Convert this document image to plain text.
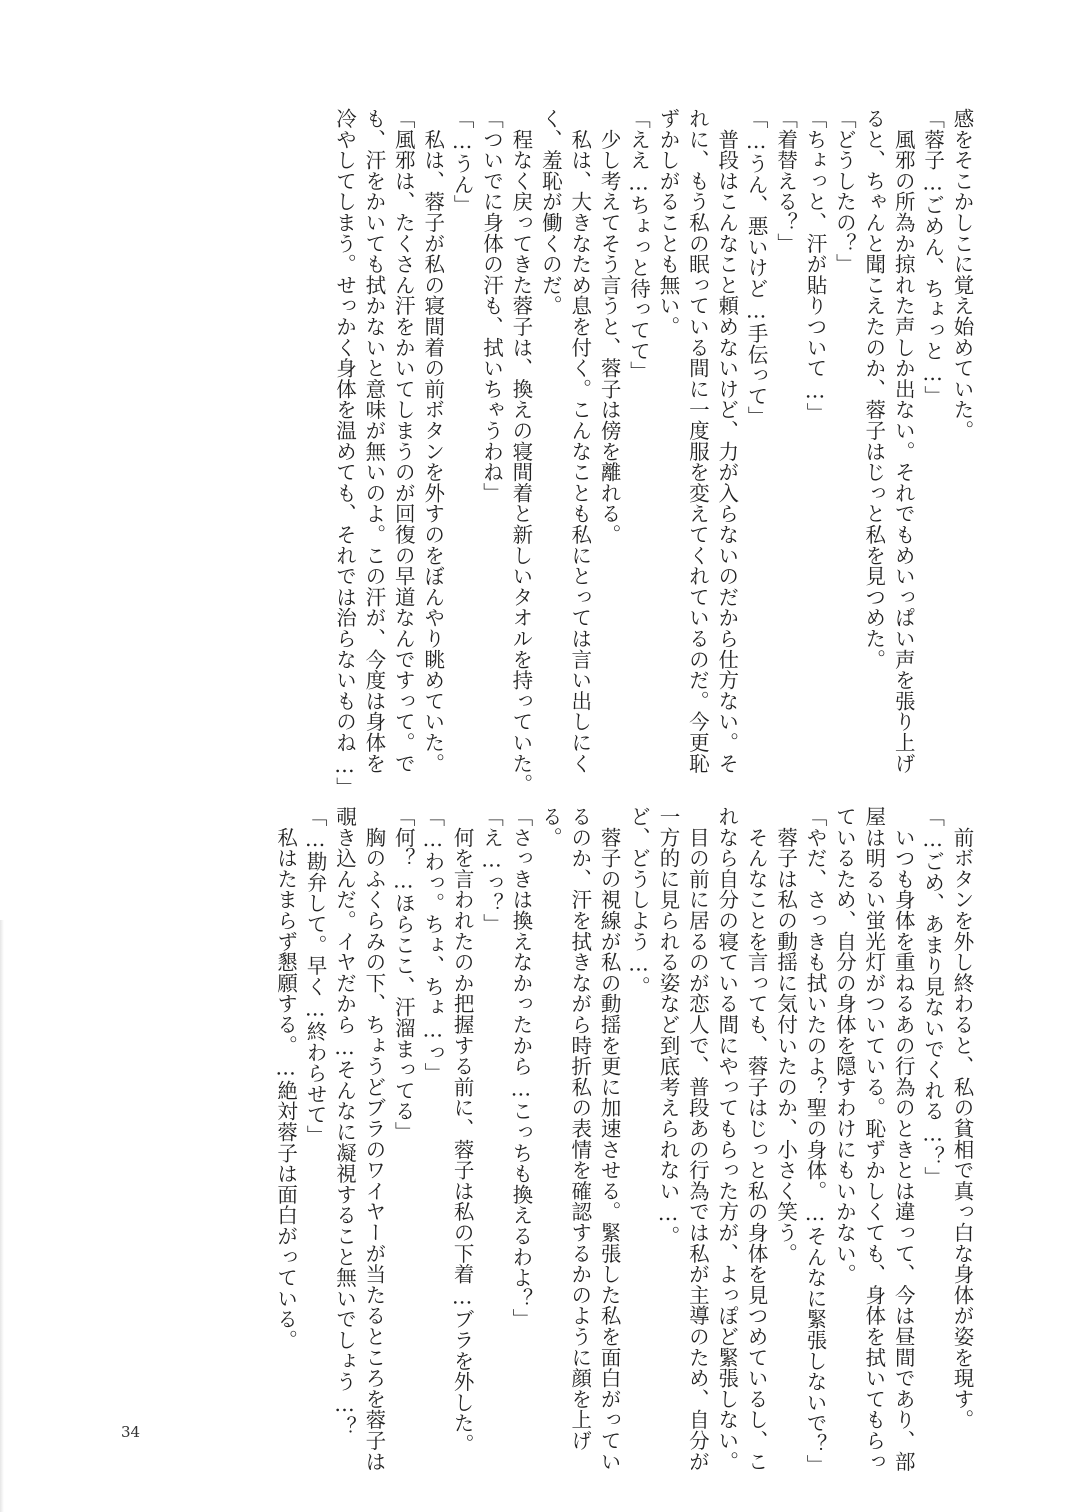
感をそこかしこに覚え始めていた。

「蓉子…ごめん、ちょっと…」

　風邪の所為か掠れた声しか出ない。それでもめいっぱい声を張り上げ

ると、ちゃんと聞こえたのか、蓉子はじっと私を見つめた。

「どうしたの？」

「ちょっと、汗が貼りついて…」

「着替える？」

「…うん、悪いけど…手伝って」

　普段はこんなこと頼めないけど、力が入らないのだから仕方ない。そ

れに、もう私の眠っている間に一度服を変えてくれているのだ。今更恥

ずかしがることも無い。

「ええ…ちょっと待ってて」

　少し考えてそう言うと、蓉子は傍を離れる。

　私は、大きなため息を付く。こんなことも私にとっては言い出しにく

く、羞恥が働くのだ。

　程なく戻ってきた蓉子は、換えの寝間着と新しいタオルを持っていた。

「ついでに身体の汗も、拭いちゃうわね」

「…うん」

　私は、蓉子が私の寝間着の前ボタンを外すのをぼんやり眺めていた。

「風邪は、たくさん汗をかいてしまうのが回復の早道なんですって。で

も、汗をかいても拭かないと意味が無いのよ。この汗が、今度は身体を

冷やしてしまう。せっかく身体を温めても、それでは治らないものね…」

　前ボタンを外し終わると、私の貧相で真っ白な身体が姿を現す。

「…ごめ、あまり見ないでくれる…？」

　いつも身体を重ねるあの行為のときとは違って、今は昼間であり、部

屋は明るい蛍光灯がついている。恥ずかしくても、身体を拭いてもらっ

ているため、自分の身体を隠すわけにもいかない。

「やだ、さっきも拭いたのよ？聖の身体。…そんなに緊張しないで？」

　蓉子は私の動揺に気付いたのか、小さく笑う。

　そんなことを言っても、蓉子はじっと私の身体を見つめているし、こ

れなら自分の寝ている間にやってもらった方が、よっぽど緊張しない。

　目の前に居るのが恋人で、普段あの行為では私が主導のため、自分が

一方的に見られる姿など到底考えられない…。

ど、どうしよう…。

　蓉子の視線が私の動揺を更に加速させる。緊張した私を面白がってい

るのか、汗を拭きながら時折私の表情を確認するかのように顔を上げ

る。

「さっきは換えなかったから…こっちも換えるわよ？」

「え…っ？」

　何を言われたのか把握する前に、蓉子は私の下着…ブラを外した。

「…わっ。ちょ、ちょ…っ」

「何？…ほらここ、汗溜まってる」

　胸のふくらみの下、ちょうどブラのワイヤーが当たるところを蓉子は

覗き込んだ。イヤだから…そんなに凝視すること無いでしょう…？

「…勘弁して。早く…終わらせて」

　私はたまらず懇願する。…絶対蓉子は面白がっている。

34
